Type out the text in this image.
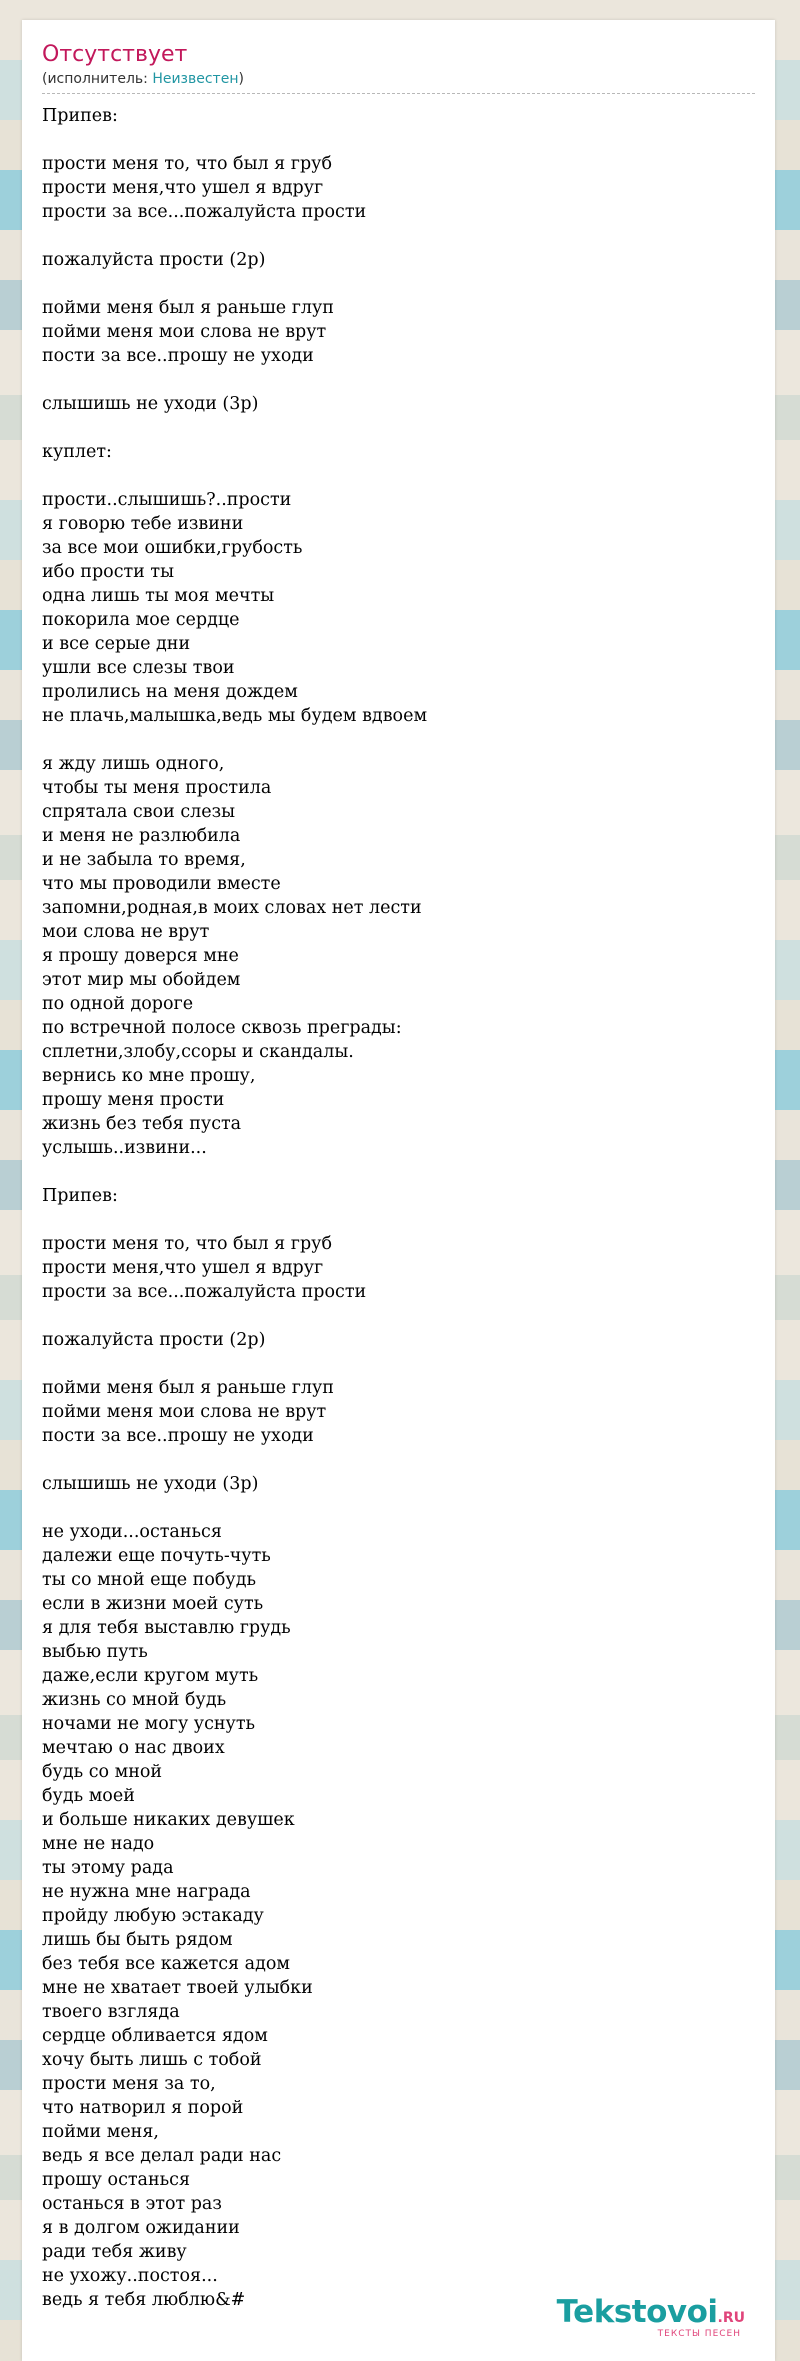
Отсутствует
(исполнитель: Неизвестен)
Припев:

прости меня то, что был я груб
прости меня,что ушел я вдруг
прости за все...пожалуйста прости

пожалуйста прости (2р)

пойми меня был я раньше глуп
пойми меня мои слова не врут
пости за все..прошу не уходи

слышишь не уходи (3р)

куплет:

прости..слышишь?..прости
я говорю тебе извини
за все мои ошибки,грубость
ибо прости ты
одна лишь ты моя мечты
покорила мое сердце
и все серые дни
ушли все слезы твои
пролились на меня дождем
не плачь,малышка,ведь мы будем вдвоем

я жду лишь одного,
чтобы ты меня простила
спрятала свои слезы
и меня не разлюбила
и не забыла то время,
что мы проводили вместе
запомни,родная,в моих словах нет лести
мои слова не врут
я прошу доверся мне
этот мир мы обойдем
по одной дороге
по встречной полосе сквозь преграды:
сплетни,злобу,ссоры и скандалы.
вернись ко мне прошу,
прошу меня прости
жизнь без тебя пуста
услышь..извини...

Припев:

прости меня то, что был я груб
прости меня,что ушел я вдруг
прости за все...пожалуйста прости

пожалуйста прости (2р)

пойми меня был я раньше глуп
пойми меня мои слова не врут
пости за все..прошу не уходи

слышишь не уходи (3р)

не уходи...останься
далежи еще почуть-чуть
ты со мной еще побудь
если в жизни моей суть
я для тебя выставлю грудь
выбью путь
даже,если кругом муть
жизнь со мной будь
ночами не могу уснуть
мечтаю о нас двоих
будь со мной
будь моей
и больше никаких девушек
мне не надо
ты этому рада
не нужна мне награда
пройду любую эстакаду
лишь бы быть рядом
без тебя все кажется адом
мне не хватает твоей улыбки
твоего взгляда
сердце обливается ядом
хочу быть лишь с тобой
прости меня за то,
что натворил я порой
пойми меня,
ведь я все делал ради нас
прошу останься
останься в этот раз
я в долгом ожидании
ради тебя живу
не ухожу..постоя...
ведь я тебя люблю&#	Tekstovoi.RU
ТЕКСТЫ ПЕСЕН
